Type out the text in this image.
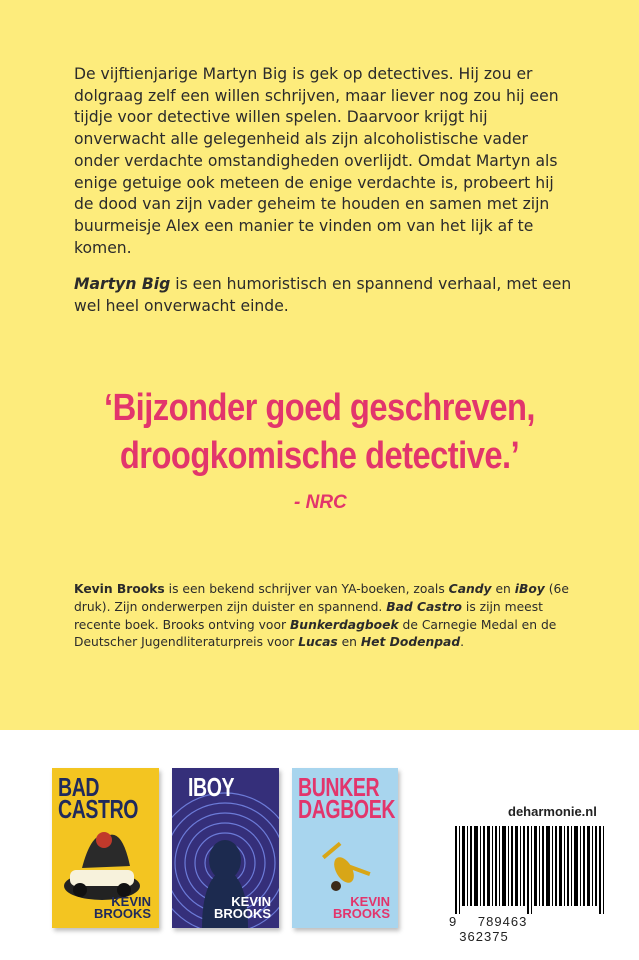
De vijftienjarige Martyn Big is gek op detectives. Hij zou er dolgraag zelf een willen schrijven, maar liever nog zou hij een tijdje voor detective willen spelen. Daarvoor krijgt hij onverwacht alle gelegenheid als zijn alcoholistische vader onder verdachte omstandigheden overlijdt. Omdat Martyn als enige getuige ook meteen de enige verdachte is, probeert hij de dood van zijn vader geheim te houden en samen met zijn buurmeisje Alex een manier te vinden om van het lijk af te komen.

Martyn Big is een humoristisch en spannend verhaal, met een wel heel onverwacht einde.

‘Bijzonder goed geschreven,
droogkomische detective.’
- NRC
Kevin Brooks is een bekend schrijver van YA-boeken, zoals Candy en iBoy (6e druk). Zijn onderwerpen zijn duister en spannend. Bad Castro is zijn meest recente boek. Brooks ontving voor Bunkerdagboek de Carnegie Medal en de Deutscher Jugendliteraturpreis voor Lucas en Het Dodenpad.
BAD
CASTRO
KEVIN
BROOKS
IBOY
KEVIN
BROOKS
BUNKER
DAGBOEK
KEVIN
BROOKS
deharmonie.nl
9 789463 362375
